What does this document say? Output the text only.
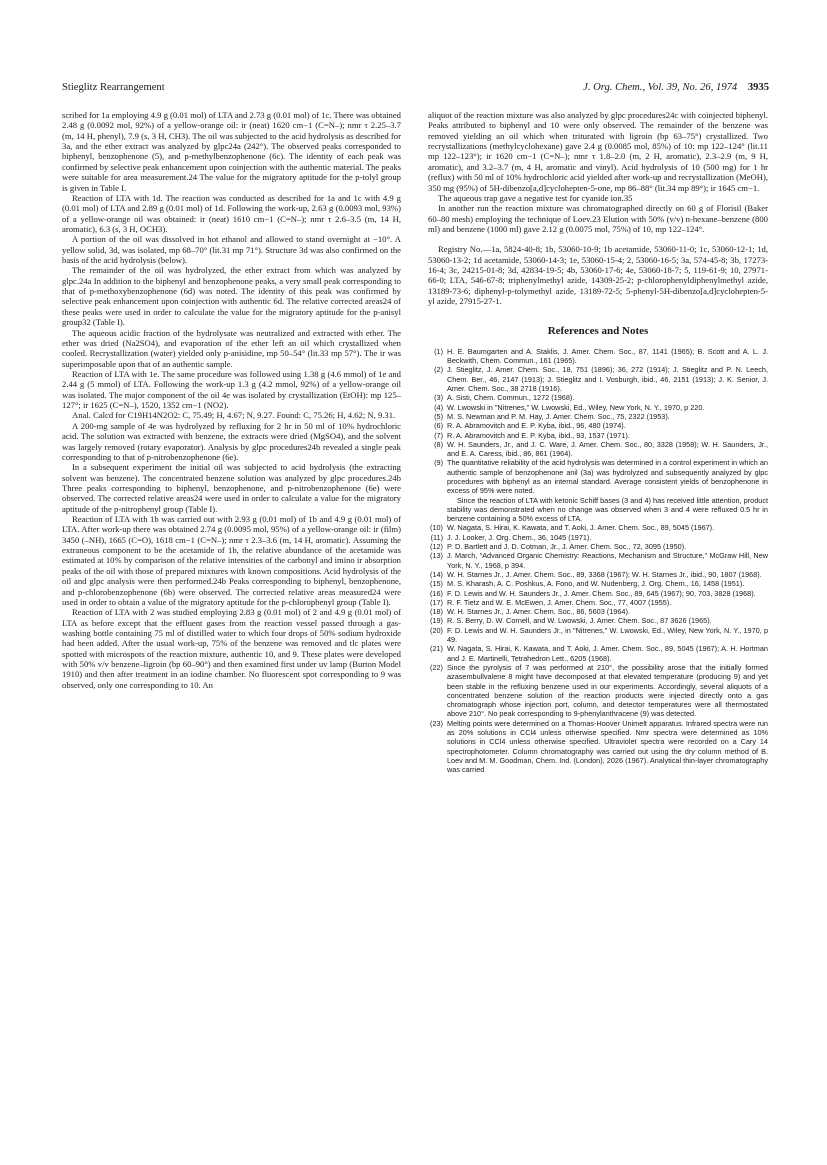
Stieglitz Rearrangement	J. Org. Chem., Vol. 39, No. 26, 1974 3935

scribed for 1a employing 4.9 g (0.01 mol) of LTA and 2.73 g (0.01 mol) of 1c. There was obtained 2.48 g (0.0092 mol, 92%) of a yellow-orange oil: ir (neat) 1620 cm−1 (C=N–); nmr τ 2.25–3.7 (m, 14 H, phenyl), 7.9 (s, 3 H, CH3). The oil was subjected to the acid hydrolysis as described for 3a, and the ether extract was analyzed by glpc24a (242°). The observed peaks corresponded to biphenyl, benzophenone (5), and p-methylbenzophenone (6c). The identity of each peak was confirmed by selective peak enhancement upon coinjection with the authentic material. The peaks were suitable for area measurement.24 The value for the migratory aptitude for the p-tolyl group is given in Table I.

Reaction of LTA with 1d. The reaction was conducted as described for 1a and 1c with 4.9 g (0.01 mol) of LTA and 2.89 g (0.01 mol) of 1d. Following the work-up, 2.63 g (0.0093 mol, 93%) of a yellow-orange oil was obtained: ir (neat) 1610 cm−1 (C=N–); nmr τ 2.6–3.5 (m, 14 H, aromatic), 6.3 (s, 3 H, OCH3).

A portion of the oil was dissolved in hot ethanol and allowed to stand overnight at −10°. A yellow solid, 3d, was isolated, mp 68–70° (lit.31 mp 71°). Structure 3d was also confirmed on the basis of the acid hydrolysis (below).

The remainder of the oil was hydrolyzed, the ether extract from which was analyzed by glpc.24a In addition to the biphenyl and benzophenone peaks, a very small peak corresponding to that of p-methoxybenzophenone (6d) was noted. The identity of this peak was confirmed by selective peak enhancement upon coinjection with authentic 6d. The relative corrected areas24 of these peaks were used in order to calculate the value for the migratory aptitude for the p-anisyl group32 (Table I).

The aqueous acidic fraction of the hydrolysate was neutralized and extracted with ether. The ether was dried (Na2SO4), and evaporation of the ether left an oil which crystallized when cooled. Recrystallization (water) yielded only p-anisidine, mp 50–54° (lit.33 mp 57°). The ir was superimposable upon that of an authentic sample.

Reaction of LTA with 1e. The same procedure was followed using 1.38 g (4.6 mmol) of 1e and 2.44 g (5 mmol) of LTA. Following the work-up 1.3 g (4.2 mmol, 92%) of a yellow-orange oil was isolated. The major component of the oil 4e was isolated by crystallization (EtOH): mp 125–127°; ir 1625 (C=N–), 1520, 1352 cm−1 (NO2).

Anal. Calcd for C19H14N2O2: C, 75.49; H, 4.67; N, 9.27. Found: C, 75.26; H, 4.62; N, 9.31.

A 200-mg sample of 4e was hydrolyzed by refluxing for 2 hr in 50 ml of 10% hydrochloric acid. The solution was extracted with benzene, the extracts were dried (MgSO4), and the solvent was largely removed (rotary evaporator). Analysis by glpc procedures24b revealed a single peak corresponding to that of p-nitrobenzophenone (6e).

In a subsequent experiment the initial oil was subjected to acid hydrolysis (the extracting solvent was benzene). The concentrated benzene solution was analyzed by glpc procedures.24b Three peaks corresponding to biphenyl, benzophenone, and p-nitrobenzophenone (6e) were observed. The corrected relative areas24 were used in order to calculate a value for the migratory aptitude of the p-nitrophenyl group (Table I).

Reaction of LTA with 1b was carried out with 2.93 g (0.01 mol) of 1b and 4.9 g (0.01 mol) of LTA. After work-up there was obtained 2.74 g (0.0095 mol, 95%) of a yellow-orange oil: ir (film) 3450 (–NH), 1665 (C=O), 1618 cm−1 (C=N–); nmr τ 2.3–3.6 (m, 14 H, aromatic). Assuming the extraneous component to be the acetamide of 1b, the relative abundance of the acetamide was estimated at 10% by comparison of the relative intensities of the carbonyl and imino ir absorption peaks of the oil with those of prepared mixtures with known compositions. Acid hydrolysis of the oil and glpc analysis were then performed.24b Peaks corresponding to biphenyl, benzophenone, and p-chlorobenzophenone (6b) were observed. The corrected relative areas measured24 were used in order to obtain a value of the migratory aptitude for the p-chlorophenyl group (Table I).

Reaction of LTA with 2 was studied employing 2.83 g (0.01 mol) of 2 and 4.9 g (0.01 mol) of LTA as before except that the effluent gases from the reaction vessel passed through a gas-washing bottle containing 75 ml of distilled water to which four drops of 50% sodium hydroxide had been added. After the usual work-up, 75% of the benzene was removed and tlc plates were spotted with microspots of the reaction mixture, authentic 10, and 9. These plates were developed with 50% v/v benzene–ligroin (bp 60–90°) and then examined first under uv lamp (Burton Model 1910) and then after treatment in an iodine chamber. No fluorescent spot corresponding to 9 was observed, only one corresponding to 10. An

aliquot of the reaction mixture was also analyzed by glpc procedures24c with coinjected biphenyl. Peaks attributed to biphenyl and 10 were only observed. The remainder of the benzene was removed yielding an oil which when triturated with ligroin (bp 63–75°) crystallized. Two recrystallizations (methylcyclohexane) gave 2.4 g (0.0085 mol, 85%) of 10: mp 122–124° (lit.11 mp 122–123°); ir 1620 cm−1 (C=N–); nmr τ 1.8–2.0 (m, 2 H, aromatic), 2.3–2.9 (m, 9 H, aromatic), and 3.2–3.7 (m, 4 H, aromatic and vinyl). Acid hydrolysis of 10 (500 mg) for 1 hr (reflux) with 50 ml of 10% hydrochloric acid yielded after work-up and recrystallization (MeOH), 350 mg (95%) of 5H-dibenzo[a,d]cyclohepten-5-one, mp 86–88° (lit.34 mp 89°); ir 1645 cm−1.

The aqueous trap gave a negative test for cyanide ion.35

In another run the reaction mixture was chromatographed directly on 60 g of Florisil (Baker 60–80 mesh) employing the technique of Loev.23 Elution with 50% (v/v) n-hexane–benzene (800 ml) and benzene (1000 ml) gave 2.12 g (0.0075 mol, 75%) of 10, mp 122–124°.

Registry No.—1a, 5824-40-8; 1b, 53060-10-9; 1b acetamide, 53060-11-0; 1c, 53060-12-1; 1d, 53060-13-2; 1d acetamide, 53060-14-3; 1e, 53060-15-4; 2, 53060-16-5; 3a, 574-45-8; 3b, 17273-16-4; 3c, 24215-01-8; 3d, 42834-19-5; 4b, 53060-17-6; 4e, 53060-18-7; 5, 119-61-9; 10, 27971-66-0; LTA, 546-67-8; triphenylmethyl azide, 14309-25-2; p-chlorophenyldiphenylmethyl azide, 13189-73-6; diphenyl-p-tolymethyl azide, 13189-72-5; 5-phenyl-5H-dibenzo[a,d]cyclohepten-5-yl azide, 27915-27-1.

References and Notes
(1) H. E. Baumgarten and A. Staklis, J. Amer. Chem. Soc., 87, 1141 (1965); B. Scott and A. L. J. Beckwith, Chem. Commun., 161 (1965).
(2) J. Stieglitz, J. Amer. Chem. Soc., 18, 751 (1896); 36, 272 (1914); J. Stieglitz and P. N. Leech, Chem. Ber., 46, 2147 (1913); J. Stieglitz and I. Vosburgh, ibid., 46, 2151 (1913); J. K. Senior, J. Amer. Chem. Soc., 38 2718 (1916).
(3) A. Sisti, Chem. Commun., 1272 (1968).
(4) W. Lwowski in "Nitrenes," W. Lwowski, Ed., Wiley, New York, N. Y., 1970, p 220.
(5) M. S. Newman and P. M. Hay, J. Amer. Chem. Soc., 75, 2322 (1953).
(6) R. A. Abramovitch and E. P. Kyba, ibid., 96, 480 (1974).
(7) R. A. Abramovitch and E. P. Kyba, ibid., 93, 1537 (1971).
(8) W. H. Saunders, Jr., and J. C. Ware, J. Amer. Chem. Soc., 80, 3328 (1958); W. H. Saunders, Jr., and E. A. Caress, ibid., 86, 861 (1964).
(9) The quantitative reliability of the acid hydrolysis was determined in a control experiment in which an authentic sample of benzophenone anil (3a) was hydrolyzed and subsequently analyzed by glpc procedures with biphenyl as an internal standard. Average consistent yields of benzophenone in excess of 95% were noted.
Since the reaction of LTA with ketonic Schiff bases (3 and 4) has received little attention, product stability was demonstrated when no change was observed when 3 and 4 were refluxed 0.5 hr in benzene containing a 50% excess of LTA.
(10) W. Nagata, S. Hirai, K. Kawata, and T. Aoki, J. Amer. Chem. Soc., 89, 5045 (1967).
(11) J. J. Looker, J. Org. Chem., 36, 1045 (1971).
(12) P. D. Bartlett and J. D. Cotman, Jr., J. Amer. Chem. Soc., 72, 3095 (1950).
(13) J. March, "Advanced Organic Chemistry: Reactions, Mechanism and Structure," McGraw Hill, New York, N. Y., 1968, p 394.
(14) W. H. Starnes Jr., J. Amer. Chem. Soc., 89, 3368 (1967); W. H. Starnes Jr., ibid., 90, 1807 (1968).
(15) M. S. Kharash, A. C. Poshkus, A. Fono, and W. Nudenberg, J. Org. Chem., 16, 1458 (1951).
(16) F. D. Lewis and W. H. Saunders Jr., J. Amer. Chem. Soc., 89, 645 (1967); 90, 703, 3828 (1968).
(17) R. F. Tietz and W. E. McEwen, J. Amer. Chem. Soc., 77, 4007 (1955).
(18) W. H. Starnes Jr., J. Amer. Chem. Soc., 86, 5603 (1964).
(19) R. S. Berry, D. W. Cornell, and W. Lwowski, J. Amer. Chem. Soc., 87 3626 (1965).
(20) F. D. Lewis and W. H. Saunders Jr., in "Nitrenes," W. Lwowski, Ed., Wiley, New York, N. Y., 1970, p 49.
(21) W. Nagata, S. Hirai, K. Kawata, and T. Aoki, J. Amer. Chem. Soc., 89, 5045 (1967); A. H. Hortman and J. E. Martinelli, Tetrahedron Lett., 6205 (1968).
(22) Since the pyrolysis of 7 was performed at 210°, the possibility arose that the initially formed azasembullvalene 8 might have decomposed at that elevated temperature (producing 9) and yet been stable in the refluxing benzene used in our experiments. Accordingly, several aliquots of a concentrated benzene solution of the reaction products were injected directly onto a gas chromatograph whose injection port, column, and detector temperatures were all thermostated above 210°. No peak corresponding to 9-phenylanthracene (9) was detected.
(23) Melting points were determined on a Thomas-Hoover Unimelt apparatus. Infrared spectra were run as 20% solutions in CCl4 unless otherwise specified. Nmr spectra were determined as 10% solutions in CCl4 unless otherwise specified. Ultraviolet spectra were recorded on a Cary 14 spectrophotometer. Column chromatography was carried out using the dry column method of B. Loev and M. M. Goodman, Chem. Ind. (London), 2026 (1967). Analytical thin-layer chromatography was carried
